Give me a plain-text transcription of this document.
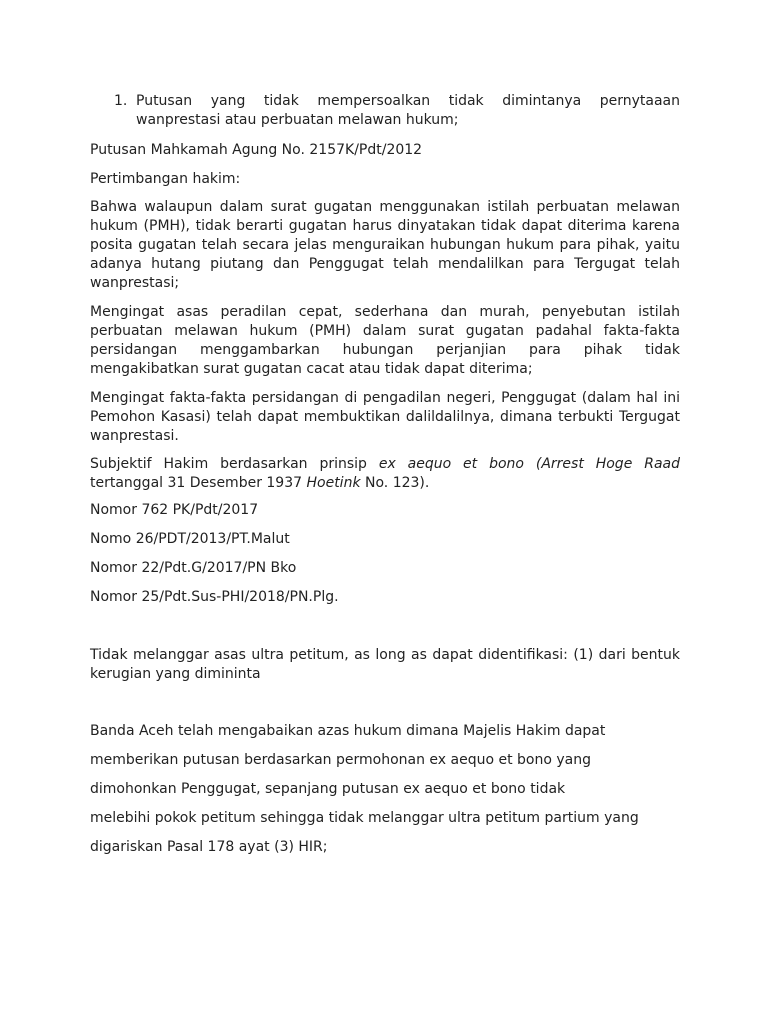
1. Putusan yang tidak mempersoalkan tidak dimintanya pernytaaan wanprestasi atau perbuatan melawan hukum;
Putusan Mahkamah Agung No. 2157K/Pdt/2012
Pertimbangan hakim:
Bahwa walaupun dalam surat gugatan menggunakan istilah perbuatan melawan hukum (PMH), tidak berarti gugatan harus dinyatakan tidak dapat diterima karena posita gugatan telah secara jelas menguraikan hubungan hukum para pihak, yaitu adanya hutang piutang dan Penggugat telah mendalilkan para Tergugat telah wanprestasi;
Mengingat asas peradilan cepat, sederhana dan murah, penyebutan istilah perbuatan melawan hukum (PMH) dalam surat gugatan padahal fakta-fakta persidangan menggambarkan hubungan perjanjian para pihak tidak mengakibatkan surat gugatan cacat atau tidak dapat diterima;
Mengingat fakta-fakta persidangan di pengadilan negeri, Penggugat (dalam hal ini Pemohon Kasasi) telah dapat membuktikan dalildalilnya, dimana terbukti Tergugat wanprestasi.
Subjektif Hakim berdasarkan prinsip ex aequo et bono (Arrest Hoge Raad tertanggal 31 Desember 1937 Hoetink No. 123).
Nomor 762 PK/Pdt/2017
Nomo 26/PDT/2013/PT.Malut
Nomor 22/Pdt.G/2017/PN Bko
Nomor 25/Pdt.Sus-PHI/2018/PN.Plg.
Tidak melanggar asas ultra petitum, as long as dapat didentifikasi: (1) dari bentuk kerugian yang dimininta
Banda Aceh telah mengabaikan azas hukum dimana Majelis Hakim dapat
memberikan putusan berdasarkan permohonan ex aequo et bono yang
dimohonkan Penggugat, sepanjang putusan ex aequo et bono tidak
melebihi pokok petitum sehingga tidak melanggar ultra petitum partium yang
digariskan Pasal 178 ayat (3) HIR;
